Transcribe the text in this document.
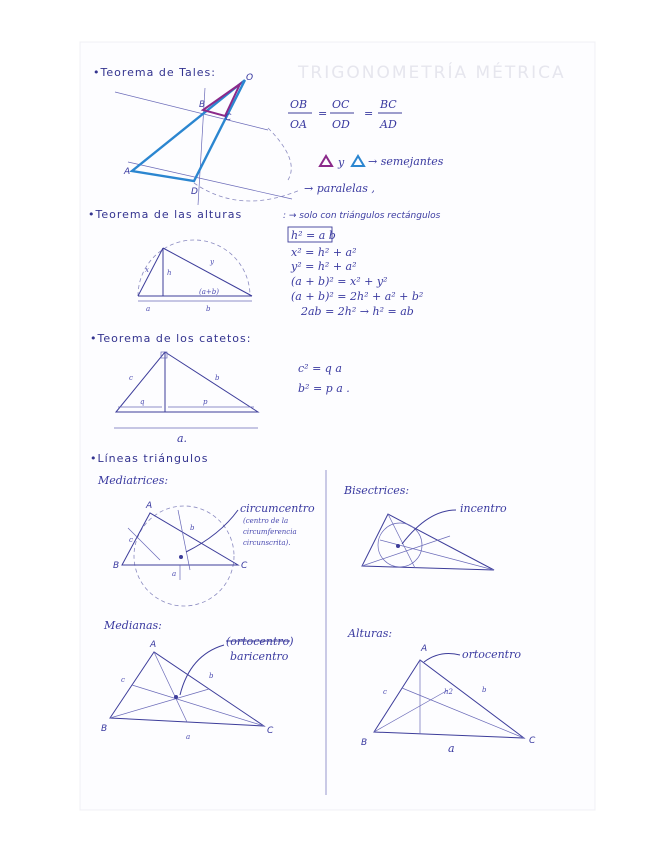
TRIGONOMETRÍA MÉTRICA
•Teorema de Tales:	O
A
B
C
D
OB
OA
=
OC
OD
=
BC
AD
y → semejantes
→ paralelas ,
•Teorema de las alturas	: → solo con triángulos rectángulos
x	h
y
(a+b)
a	b
h² = a b
x² = h² + a²
y² = h² + a²
(a + b)² = x² + y²
(a + b)² = 2h² + a² + b²
2ab = 2h² → h² = ab
•Teorema de los catetos:
c	b
q	p
a.
c² = q a
b² = p a .
•Líneas triángulos
Mediatrices:
A
B	C
b
c
a
circumcentro
(centro de la
circumferencia
circunscrita).
Bisectrices:
incentro
Medianas:
A
B	C
c	b
a
(ortocentro)
baricentro
Alturas:
A
B	C
c	b
h2
a
ortocentro
